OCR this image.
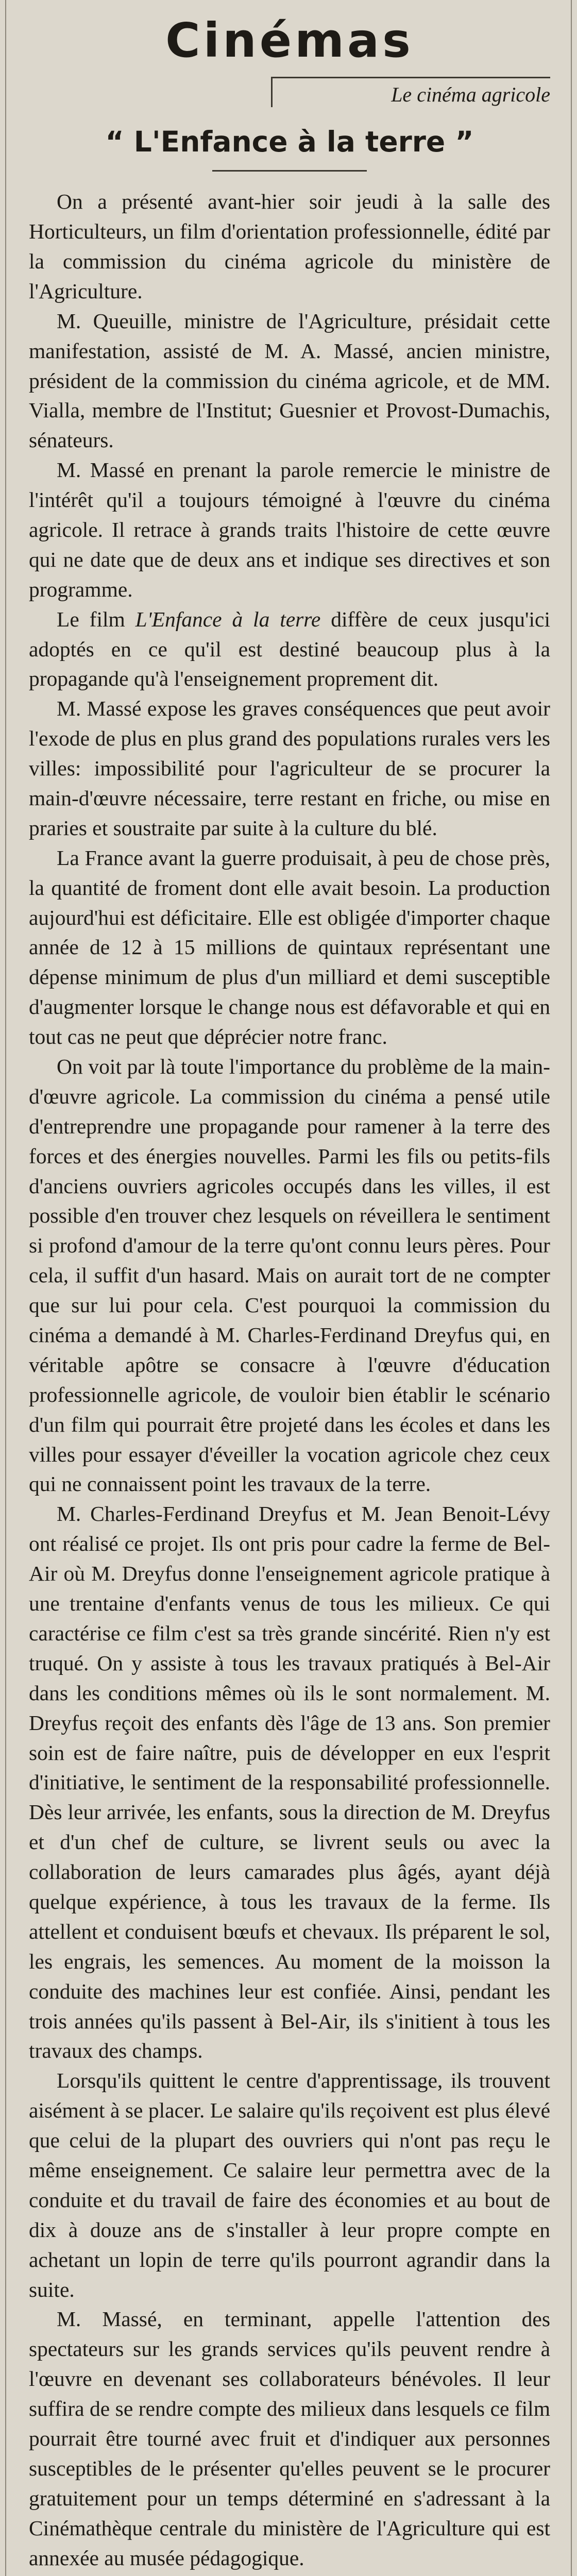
Cinémas
Le cinéma agricole
“ L'Enfance à la terre ”

On a présenté avant-hier soir jeudi à la salle des Horticulteurs, un film d'orientation professionnelle, édité par la commission du cinéma agricole du ministère de l'Agriculture.

M. Queuille, ministre de l'Agriculture, présidait cette manifestation, assisté de M. A. Massé, ancien ministre, président de la commission du cinéma agricole, et de MM. Vialla, membre de l'Institut; Guesnier et Provost-Dumachis, sénateurs.

M. Massé en prenant la parole remercie le ministre de l'intérêt qu'il a toujours témoigné à l'œuvre du cinéma agricole. Il retrace à grands traits l'histoire de cette œuvre qui ne date que de deux ans et indique ses directives et son programme.

Le film L'Enfance à la terre diffère de ceux jusqu'ici adoptés en ce qu'il est destiné beaucoup plus à la propagande qu'à l'enseignement proprement dit.

M. Massé expose les graves conséquences que peut avoir l'exode de plus en plus grand des populations rurales vers les villes: impossibilité pour l'agriculteur de se procurer la main-d'œuvre nécessaire, terre restant en friche, ou mise en praries et soustraite par suite à la culture du blé.

La France avant la guerre produisait, à peu de chose près, la quantité de froment dont elle avait besoin. La production aujourd'hui est déficitaire. Elle est obligée d'importer chaque année de 12 à 15 millions de quintaux représentant une dépense minimum de plus d'un milliard et demi susceptible d'augmenter lorsque le change nous est défavorable et qui en tout cas ne peut que déprécier notre franc.

On voit par là toute l'importance du problème de la main-d'œuvre agricole. La commission du cinéma a pensé utile d'entreprendre une propagande pour ramener à la terre des forces et des énergies nouvelles. Parmi les fils ou petits-fils d'anciens ouvriers agricoles occupés dans les villes, il est possible d'en trouver chez lesquels on réveillera le sentiment si profond d'amour de la terre qu'ont connu leurs pères. Pour cela, il suffit d'un hasard. Mais on aurait tort de ne compter que sur lui pour cela. C'est pourquoi la commission du cinéma a demandé à M. Charles-Ferdinand Dreyfus qui, en véritable apôtre se consacre à l'œuvre d'éducation professionnelle agricole, de vouloir bien établir le scénario d'un film qui pourrait être projeté dans les écoles et dans les villes pour essayer d'éveiller la vocation agricole chez ceux qui ne connaissent point les travaux de la terre.

M. Charles-Ferdinand Dreyfus et M. Jean Benoit-Lévy ont réalisé ce projet. Ils ont pris pour cadre la ferme de Bel-Air où M. Dreyfus donne l'enseignement agricole pratique à une trentaine d'enfants venus de tous les milieux. Ce qui caractérise ce film c'est sa très grande sincérité. Rien n'y est truqué. On y assiste à tous les travaux pratiqués à Bel-Air dans les conditions mêmes où ils le sont normalement. M. Dreyfus reçoit des enfants dès l'âge de 13 ans. Son premier soin est de faire naître, puis de développer en eux l'esprit d'initiative, le sentiment de la responsabilité professionnelle. Dès leur arrivée, les enfants, sous la direction de M. Dreyfus et d'un chef de culture, se livrent seuls ou avec la collaboration de leurs camarades plus âgés, ayant déjà quelque expérience, à tous les travaux de la ferme. Ils attellent et conduisent bœufs et chevaux. Ils préparent le sol, les engrais, les semences. Au moment de la moisson la conduite des machines leur est confiée. Ainsi, pendant les trois années qu'ils passent à Bel-Air, ils s'initient à tous les travaux des champs.

Lorsqu'ils quittent le centre d'apprentissage, ils trouvent aisément à se placer. Le salaire qu'ils reçoivent est plus élevé que celui de la plupart des ouvriers qui n'ont pas reçu le même enseignement. Ce salaire leur permettra avec de la conduite et du travail de faire des économies et au bout de dix à douze ans de s'installer à leur propre compte en achetant un lopin de terre qu'ils pourront agrandir dans la suite.

M. Massé, en terminant, appelle l'attention des spectateurs sur les grands services qu'ils peuvent rendre à l'œuvre en devenant ses collaborateurs bénévoles. Il leur suffira de se rendre compte des milieux dans lesquels ce film pourrait être tourné avec fruit et d'indiquer aux personnes susceptibles de le présenter qu'elles peuvent se le procurer gratuitement pour un temps déterminé en s'adressant à la Cinémathèque centrale du ministère de l'Agriculture qui est annexée au musée pédagogique.
